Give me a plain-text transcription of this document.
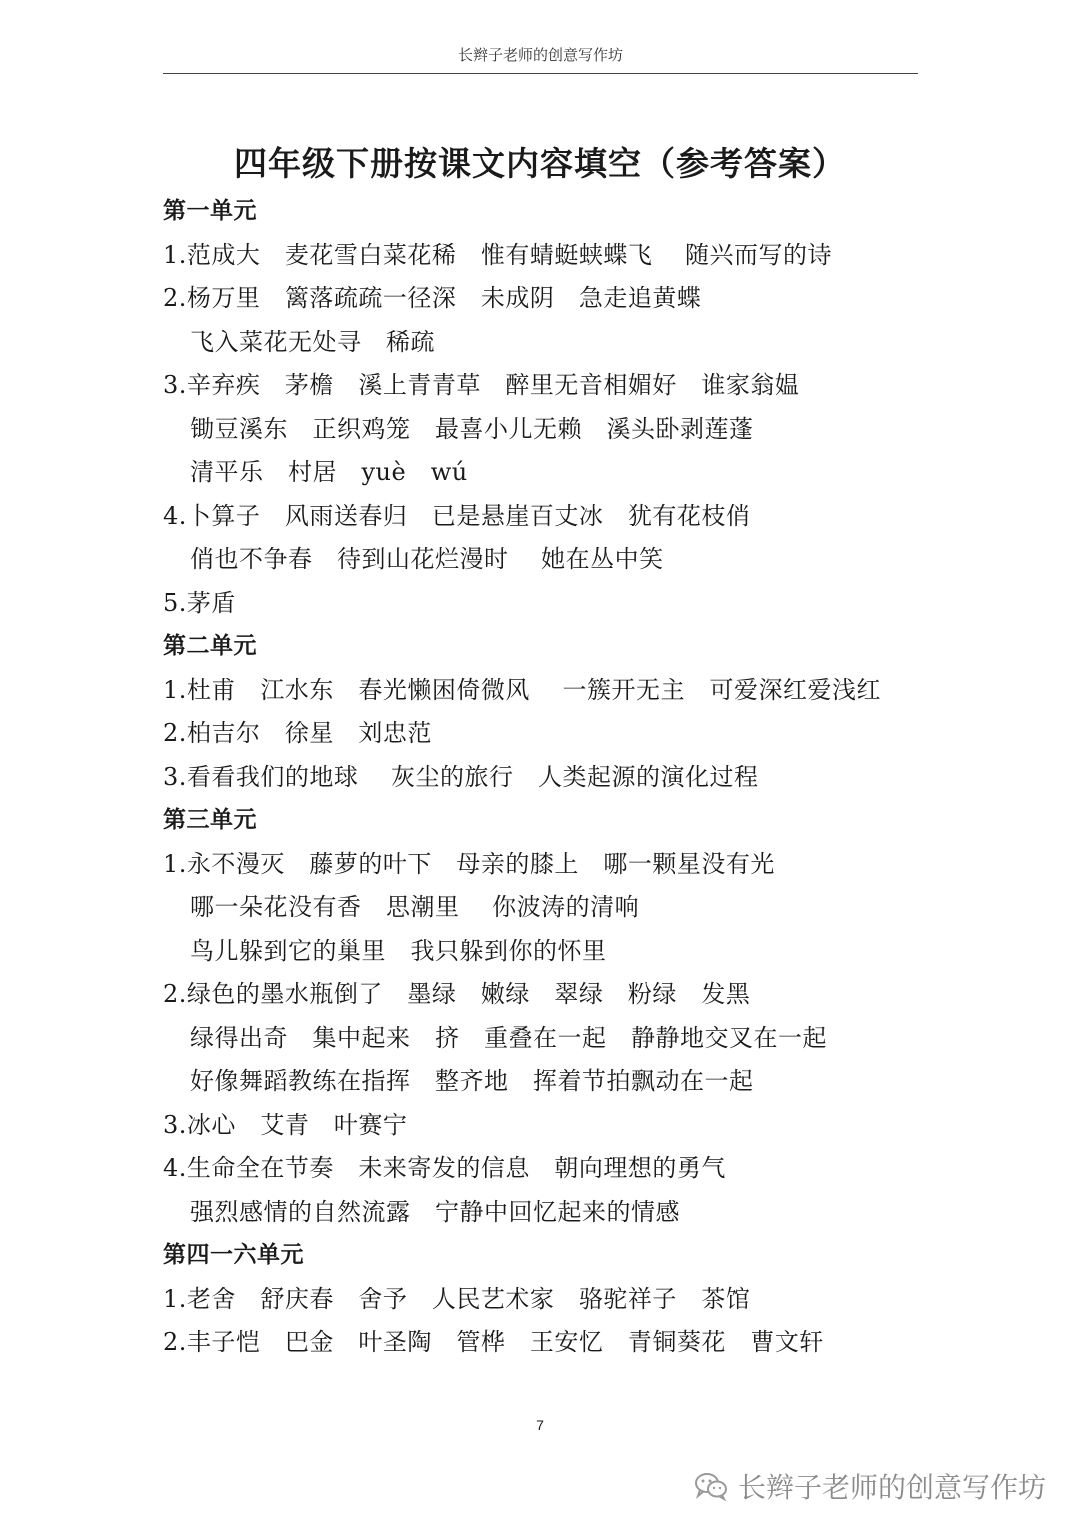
长辫子老师的创意写作坊
四年级下册按课文内容填空（参考答案）
第一单元
1.范成大　麦花雪白菜花稀　惟有蜻蜓蛱蝶飞　 随兴而写的诗
2.杨万里　篱落疏疏一径深　未成阴　急走追黄蝶
飞入菜花无处寻　稀疏
3.辛弃疾　茅檐　溪上青青草　醉里无音相媚好　谁家翁媪
锄豆溪东　正织鸡笼　最喜小儿无赖　溪头卧剥莲蓬
清平乐　村居　yuè　wú
4.卜算子　风雨送春归　已是悬崖百丈冰　犹有花枝俏
俏也不争春　待到山花烂漫时　 她在丛中笑
5.茅盾
第二单元
1.杜甫　江水东　春光懒困倚微风　 一簇开无主　可爱深红爱浅红
2.柏吉尔　徐星　刘忠范
3.看看我们的地球　 灰尘的旅行　人类起源的演化过程
第三单元
1.永不漫灭　藤萝的叶下　母亲的膝上　哪一颗星没有光
哪一朵花没有香　思潮里　 你波涛的清响
鸟儿躲到它的巢里　我只躲到你的怀里
2.绿色的墨水瓶倒了　墨绿　嫩绿　翠绿　粉绿　发黑
绿得出奇　集中起来　挤　重叠在一起　静静地交叉在一起
好像舞蹈教练在指挥　整齐地　挥着节拍飘动在一起
3.冰心　艾青　叶赛宁
4.生命全在节奏　未来寄发的信息　朝向理想的勇气
强烈感情的自然流露　宁静中回忆起来的情感
第四一六单元
1.老舍　舒庆春　舍予　人民艺术家　骆驼祥子　茶馆
2.丰子恺　巴金　叶圣陶　管桦　王安忆　青铜葵花　曹文轩
7
长辫子老师的创意写作坊
